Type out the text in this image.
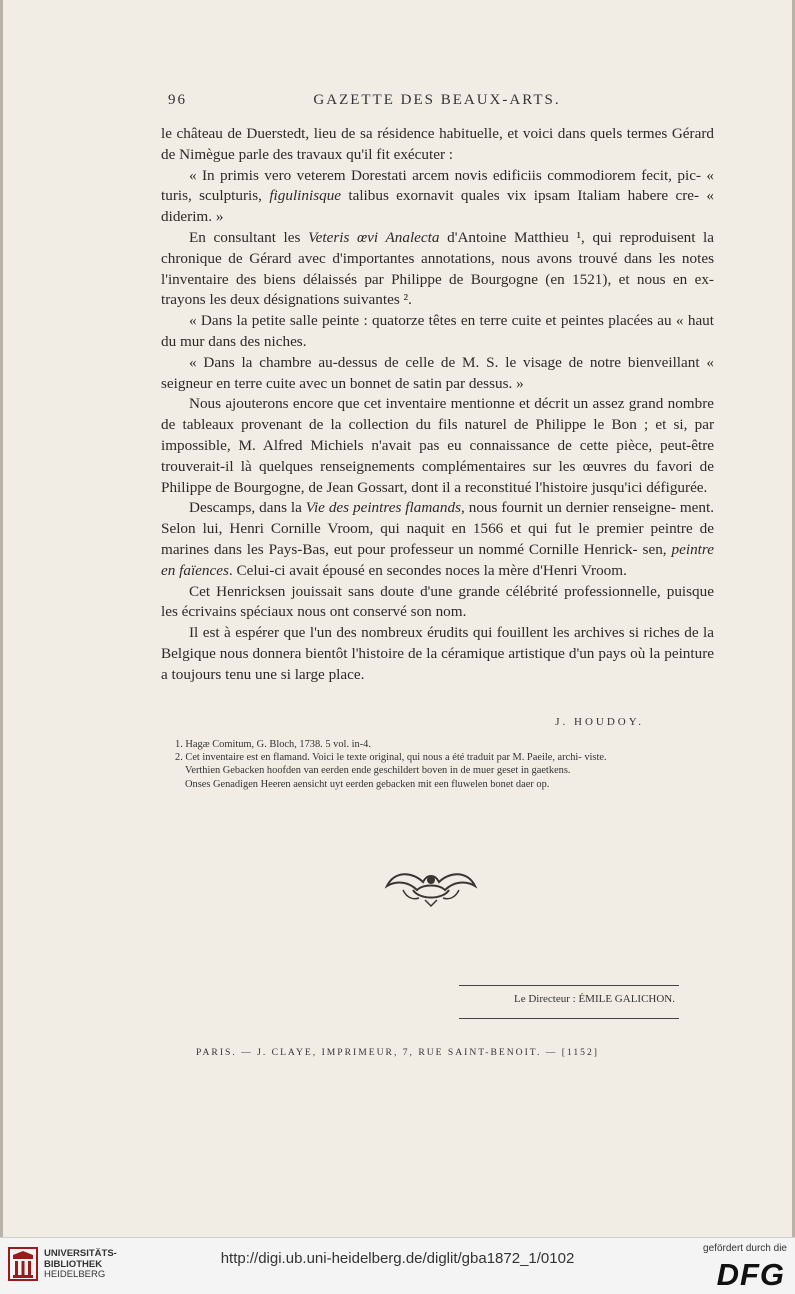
96	GAZETTE DES BEAUX-ARTS.

le château de Duerstedt, lieu de sa résidence habituelle, et voici dans quels termes Gérard de Nimègue parle des travaux qu'il fit exécuter :

« In primis vero veterem Dorestati arcem novis edificiis commodiorem fecit, pic- « turis, sculpturis, figulinisque talibus exornavit quales vix ipsam Italiam habere cre- « diderim. »

En consultant les Veteris œvi Analecta d'Antoine Matthieu ¹, qui reproduisent la chronique de Gérard avec d'importantes annotations, nous avons trouvé dans les notes l'inventaire des biens délaissés par Philippe de Bourgogne (en 1521), et nous en ex- trayons les deux désignations suivantes ².

« Dans la petite salle peinte : quatorze têtes en terre cuite et peintes placées au « haut du mur dans des niches.

« Dans la chambre au-dessus de celle de M. S. le visage de notre bienveillant « seigneur en terre cuite avec un bonnet de satin par dessus. »

Nous ajouterons encore que cet inventaire mentionne et décrit un assez grand nombre de tableaux provenant de la collection du fils naturel de Philippe le Bon ; et si, par impossible, M. Alfred Michiels n'avait pas eu connaissance de cette pièce, peut-être trouverait-il là quelques renseignements complémentaires sur les œuvres du favori de Philippe de Bourgogne, de Jean Gossart, dont il a reconstitué l'histoire jusqu'ici défigurée.

Descamps, dans la Vie des peintres flamands, nous fournit un dernier renseigne- ment. Selon lui, Henri Cornille Vroom, qui naquit en 1566 et qui fut le premier peintre de marines dans les Pays-Bas, eut pour professeur un nommé Cornille Henrick- sen, peintre en faïences. Celui-ci avait épousé en secondes noces la mère d'Henri Vroom.

Cet Henricksen jouissait sans doute d'une grande célébrité professionnelle, puisque les écrivains spéciaux nous ont conservé son nom.

Il est à espérer que l'un des nombreux érudits qui fouillent les archives si riches de la Belgique nous donnera bientôt l'histoire de la céramique artistique d'un pays où la peinture a toujours tenu une si large place.

J. HOUDOY.

1. Hagæ Comitum, G. Bloch, 1738. 5 vol. in-4.

2. Cet inventaire est en flamand. Voici le texte original, qui nous a été traduit par M. Paeile, archi- viste.

Verthien Gebacken hoofden van eerden ende geschildert boven in de muer geset in gaetkens.

Onses Genadigen Heeren aensicht uyt eerden gebacken mit een fluwelen bonet daer op.

Le Directeur : ÉMILE GALICHON.
PARIS. — J. CLAYE, IMPRIMEUR, 7, RUE SAINT-BENOIT. — [1152]
UNIVERSITÄTS-
BIBLIOTHEK
HEIDELBERG
http://digi.ub.uni-heidelberg.de/diglit/gba1872_1/0102
gefördert durch die
DFG
